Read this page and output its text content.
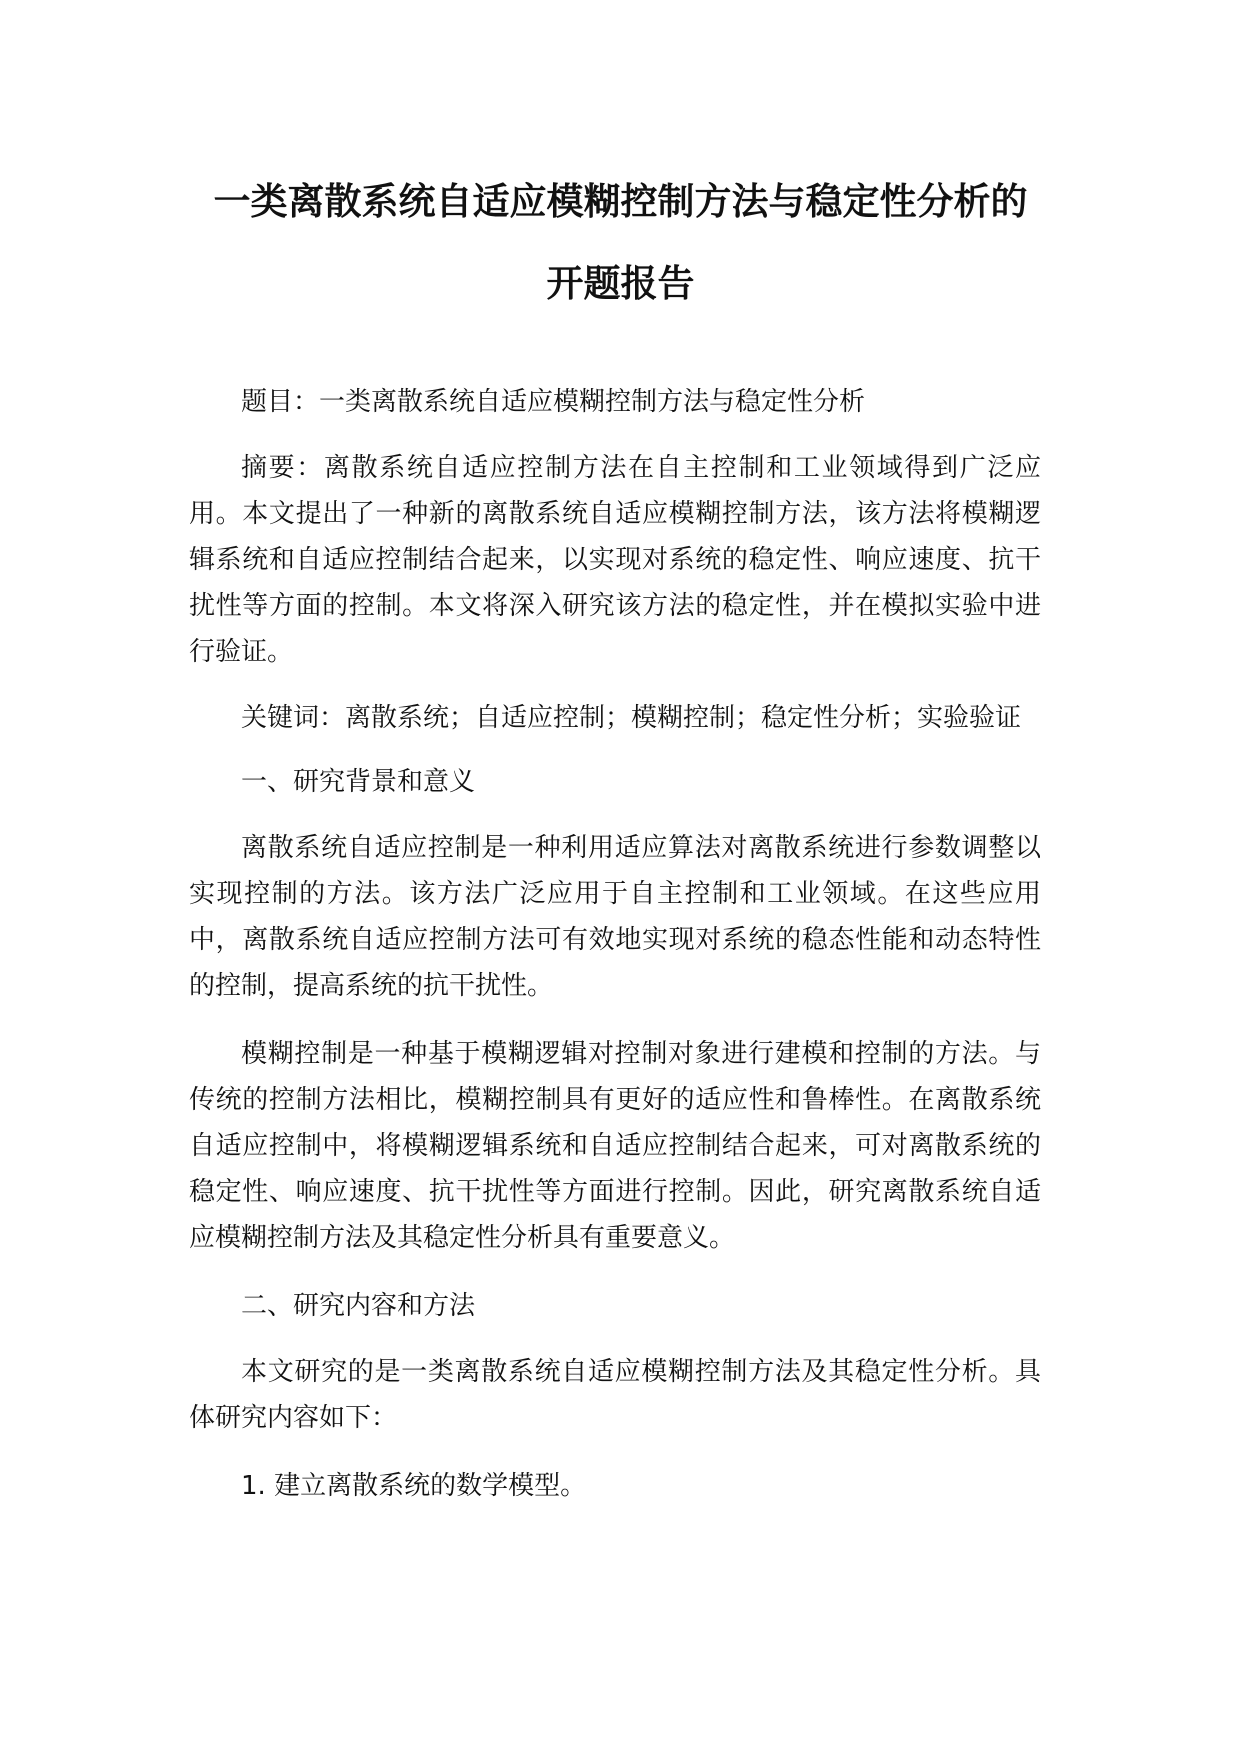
一类离散系统自适应模糊控制方法与稳定性分析的
开题报告

题目：一类离散系统自适应模糊控制方法与稳定性分析

摘要：离散系统自适应控制方法在自主控制和工业领域得到广泛应用。本文提出了一种新的离散系统自适应模糊控制方法，该方法将模糊逻辑系统和自适应控制结合起来，以实现对系统的稳定性、响应速度、抗干扰性等方面的控制。本文将深入研究该方法的稳定性，并在模拟实验中进行验证。

关键词：离散系统；自适应控制；模糊控制；稳定性分析；实验验证

一、研究背景和意义

离散系统自适应控制是一种利用适应算法对离散系统进行参数调整以实现控制的方法。该方法广泛应用于自主控制和工业领域。在这些应用中，离散系统自适应控制方法可有效地实现对系统的稳态性能和动态特性的控制，提高系统的抗干扰性。

模糊控制是一种基于模糊逻辑对控制对象进行建模和控制的方法。与传统的控制方法相比，模糊控制具有更好的适应性和鲁棒性。在离散系统自适应控制中，将模糊逻辑系统和自适应控制结合起来，可对离散系统的稳定性、响应速度、抗干扰性等方面进行控制。因此，研究离散系统自适应模糊控制方法及其稳定性分析具有重要意义。

二、研究内容和方法

本文研究的是一类离散系统自适应模糊控制方法及其稳定性分析。具体研究内容如下：

1. 建立离散系统的数学模型。
